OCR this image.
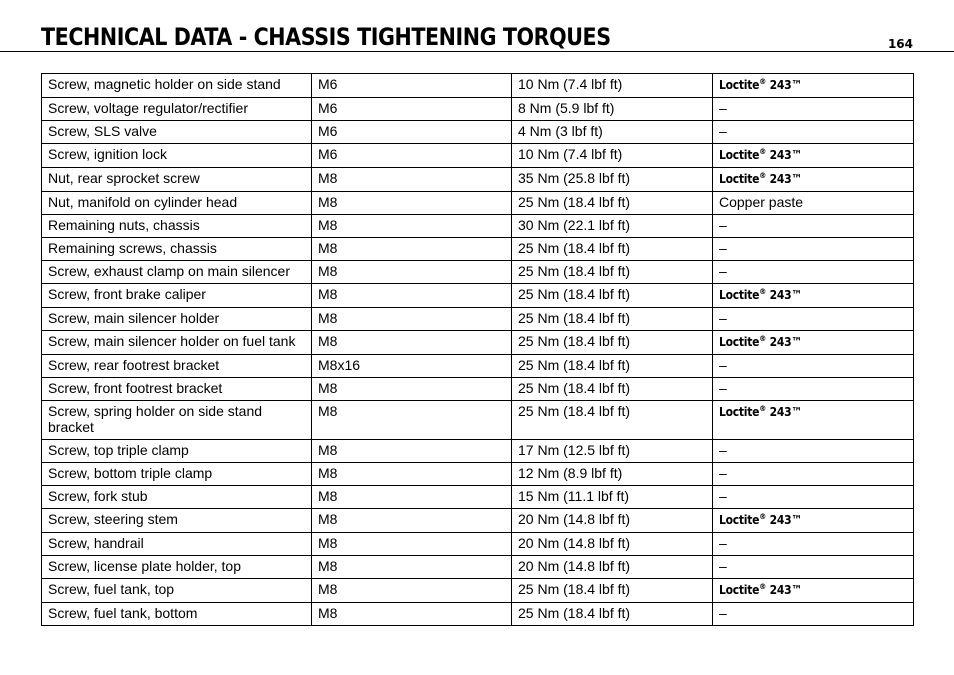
TECHNICAL DATA - CHASSIS TIGHTENING TORQUES	164
Screw, magnetic holder on side stand	M6	10 Nm (7.4 lbf ft)	Loctite® 243™
Screw, voltage regulator/rectifier	M6	8 Nm (5.9 lbf ft)	–
Screw, SLS valve	M6	4 Nm (3 lbf ft)	–
Screw, ignition lock	M6	10 Nm (7.4 lbf ft)	Loctite® 243™
Nut, rear sprocket screw	M8	35 Nm (25.8 lbf ft)	Loctite® 243™
Nut, manifold on cylinder head	M8	25 Nm (18.4 lbf ft)	Copper paste
Remaining nuts, chassis	M8	30 Nm (22.1 lbf ft)	–
Remaining screws, chassis	M8	25 Nm (18.4 lbf ft)	–
Screw, exhaust clamp on main silencer	M8	25 Nm (18.4 lbf ft)	–
Screw, front brake caliper	M8	25 Nm (18.4 lbf ft)	Loctite® 243™
Screw, main silencer holder	M8	25 Nm (18.4 lbf ft)	–
Screw, main silencer holder on fuel tank	M8	25 Nm (18.4 lbf ft)	Loctite® 243™
Screw, rear footrest bracket	M8x16	25 Nm (18.4 lbf ft)	–
Screw, front footrest bracket	M8	25 Nm (18.4 lbf ft)	–
Screw, spring holder on side stand bracket	M8	25 Nm (18.4 lbf ft)	Loctite® 243™
Screw, top triple clamp	M8	17 Nm (12.5 lbf ft)	–
Screw, bottom triple clamp	M8	12 Nm (8.9 lbf ft)	–
Screw, fork stub	M8	15 Nm (11.1 lbf ft)	–
Screw, steering stem	M8	20 Nm (14.8 lbf ft)	Loctite® 243™
Screw, handrail	M8	20 Nm (14.8 lbf ft)	–
Screw, license plate holder, top	M8	20 Nm (14.8 lbf ft)	–
Screw, fuel tank, top	M8	25 Nm (18.4 lbf ft)	Loctite® 243™
Screw, fuel tank, bottom	M8	25 Nm (18.4 lbf ft)	–
